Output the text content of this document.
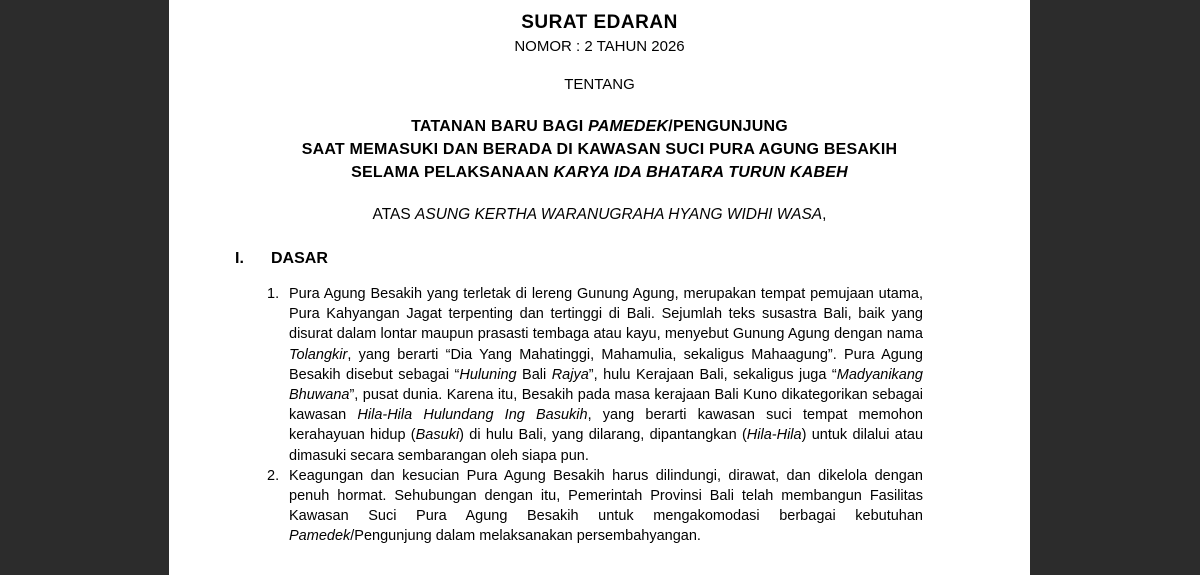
SURAT EDARAN
NOMOR : 2 TAHUN 2026
TENTANG
TATANAN BARU BAGI PAMEDEK/PENGUNJUNG
SAAT MEMASUKI DAN BERADA DI KAWASAN SUCI PURA AGUNG BESAKIH
SELAMA PELAKSANAAN KARYA IDA BHATARA TURUN KABEH
ATAS ASUNG KERTHA WARANUGRAHA HYANG WIDHI WASA,
I. DASAR
1. Pura Agung Besakih yang terletak di lereng Gunung Agung, merupakan tempat pemujaan utama, Pura Kahyangan Jagat terpenting dan tertinggi di Bali. Sejumlah teks susastra Bali, baik yang disurat dalam lontar maupun prasasti tembaga atau kayu, menyebut Gunung Agung dengan nama Tolangkir, yang berarti “Dia Yang Mahatinggi, Mahamulia, sekaligus Mahaagung”. Pura Agung Besakih disebut sebagai “Huluning Bali Rajya”, hulu Kerajaan Bali, sekaligus juga “Madyanikang Bhuwana”, pusat dunia. Karena itu, Besakih pada masa kerajaan Bali Kuno dikategorikan sebagai kawasan Hila-Hila Hulundang Ing Basukih, yang berarti kawasan suci tempat memohon kerahayuan hidup (Basuki) di hulu Bali, yang dilarang, dipantangkan (Hila-Hila) untuk dilalui atau dimasuki secara sembarangan oleh siapa pun.
2. Keagungan dan kesucian Pura Agung Besakih harus dilindungi, dirawat, dan dikelola dengan penuh hormat. Sehubungan dengan itu, Pemerintah Provinsi Bali telah membangun Fasilitas Kawasan Suci Pura Agung Besakih untuk mengakomodasi berbagai kebutuhan Pamedek/Pengunjung dalam melaksanakan persembahyangan.
